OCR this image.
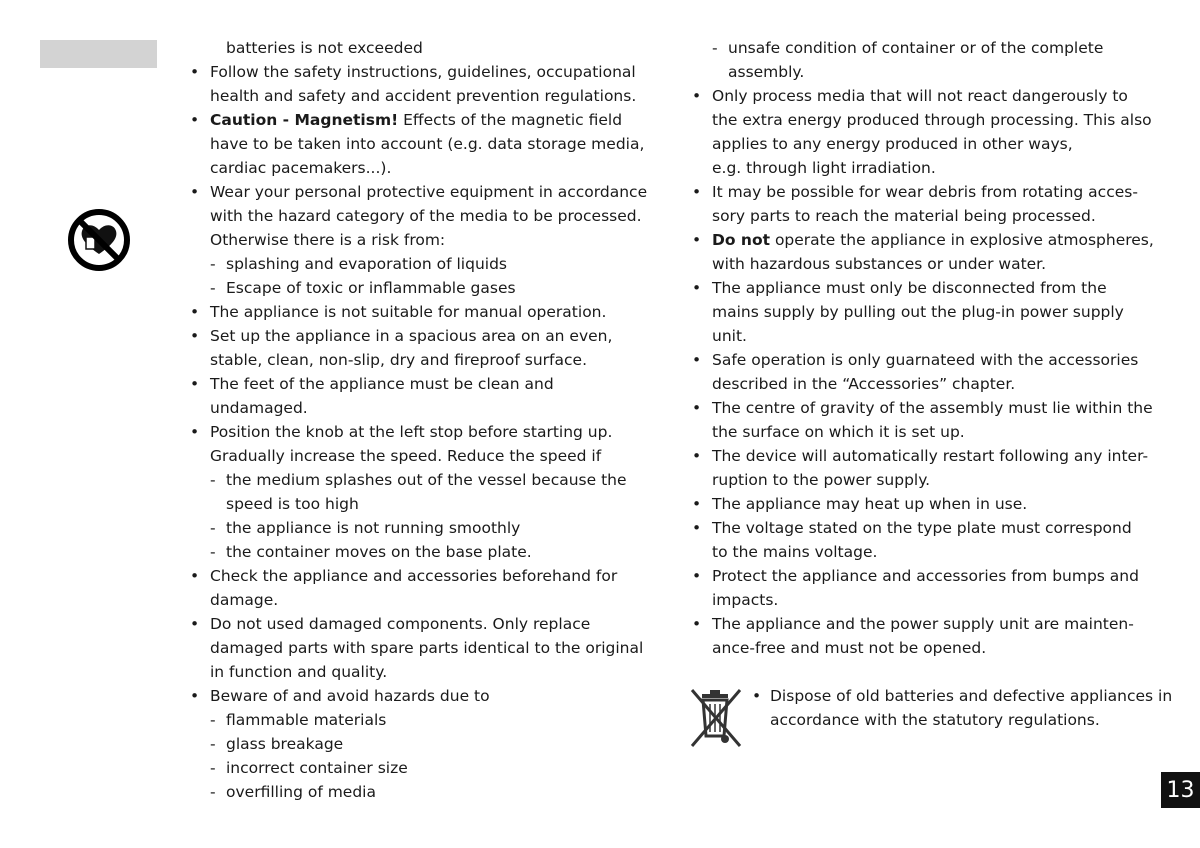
batteries is not exceeded
• Follow the safety instructions, guidelines, occupational
health and safety and accident prevention regulations.
• Caution - Magnetism! Effects of the magnetic field
have to be taken into account (e.g. data storage media,
cardiac pacemakers...).
• Wear your personal protective equipment in accordance
with the hazard category of the media to be processed.
Otherwise there is a risk from:
- splashing and evaporation of liquids
- Escape of toxic or inflammable gases
• The appliance is not suitable for manual operation.
• Set up the appliance in a spacious area on an even,
stable, clean, non-slip, dry and fireproof surface.
• The feet of the appliance must be clean and
undamaged.
• Position the knob at the left stop before starting up.
Gradually increase the speed. Reduce the speed if
- the medium splashes out of the vessel because the
speed is too high
- the appliance is not running smoothly
- the container moves on the base plate.
• Check the appliance and accessories beforehand for
damage.
• Do not used damaged components. Only replace
damaged parts with spare parts identical to the original
in function and quality.
• Beware of and avoid hazards due to
- flammable materials
- glass breakage
- incorrect container size
- overfilling of media
- unsafe condition of container or of the complete
assembly.
• Only process media that will not react dangerously to
the extra energy produced through processing. This also
applies to any energy produced in other ways,
e.g. through light irradiation.
• It may be possible for wear debris from rotating acces-
sory parts to reach the material being processed.
• Do not operate the appliance in explosive atmospheres,
with hazardous substances or under water.
• The appliance must only be disconnected from the
mains supply by pulling out the plug-in power supply
unit.
• Safe operation is only guarnateed with the accessories
described in the “Accessories” chapter.
• The centre of gravity of the assembly must lie within the
the surface on which it is set up.
• The device will automatically restart following any inter-
ruption to the power supply.
• The appliance may heat up when in use.
• The voltage stated on the type plate must correspond
to the mains voltage.
• Protect the appliance and accessories from bumps and
impacts.
• The appliance and the power supply unit are mainten-
ance-free and must not be opened.
• Dispose of old batteries and defective appliances in
accordance with the statutory regulations.
13
